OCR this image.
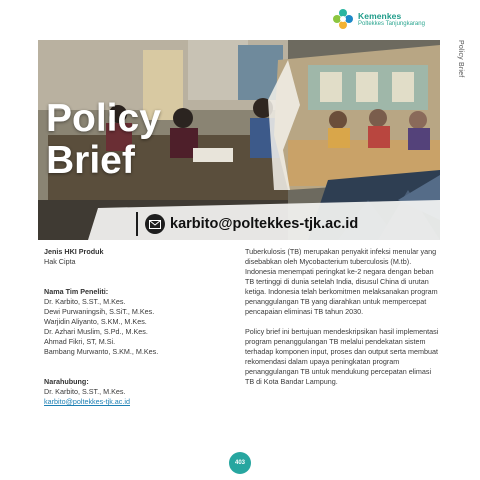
Kemenkes
Poltekkes Tanjungkarang
Policy Brief
Policy
Brief
karbito@poltekkes-tjk.ac.id
Jenis HKI Produk
Hak Cipta
Nama Tim Peneliti:
Dr. Karbito, S.ST., M.Kes.
Dewi Purwaningsih, S.SiT., M.Kes.
Warjidin Aliyanto, S.KM., M.Kes.
Dr. Azhari Muslim, S.Pd., M.Kes.
Ahmad Fikri, ST, M.Si.
Bambang Murwanto, S.KM., M.Kes.
Narahubung:
Dr. Karbito, S.ST., M.Kes.
karbito@poltekkes-tjk.ac.id

Tuberkulosis (TB) merupakan penyakit infeksi menular yang disebabkan oleh Mycobacterium tuberculosis (M.tb). Indonesia menempati peringkat ke-2 negara dengan beban TB tertinggi di dunia setelah India, disusul China di urutan ketiga. Indonesia telah berkomitmen melaksanakan program penanggulangan TB yang diarahkan untuk mempercepat pencapaian eliminasi TB tahun 2030.

Policy brief ini bertujuan mendeskripsikan hasil implementasi program penanggulangan TB melalui pendekatan sistem terhadap komponen input, proses dan output serta membuat rekomendasi dalam upaya peningkatan program penanggulangan TB untuk mendukung percepatan elimasi TB di Kota Bandar Lampung.

403
